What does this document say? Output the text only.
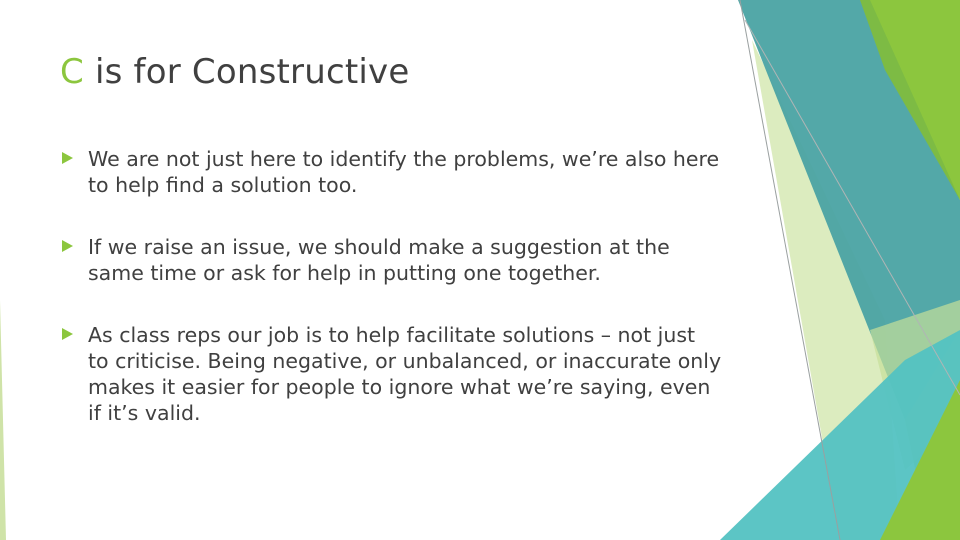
C is for Constructive
We are not just here to identify the problems, we’re also here to help find a solution too.
If we raise an issue, we should make a suggestion at the same time or ask for help in putting one together.
As class reps our job is to help facilitate solutions – not just to criticise. Being negative, or unbalanced, or inaccurate only makes it easier for people to ignore what we’re saying, even if it’s valid.
